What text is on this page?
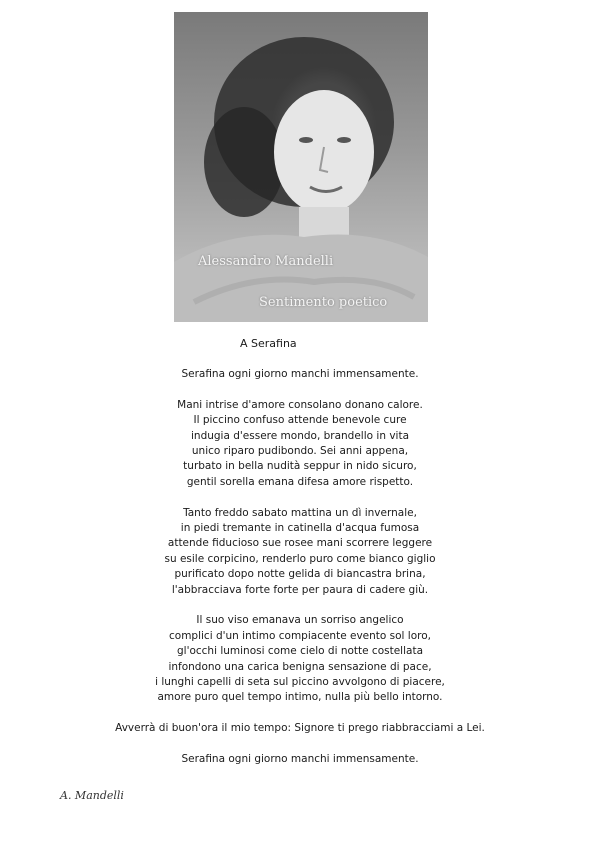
Alessandro Mandelli
Sentimento poetico
A Serafina
Serafina ogni giorno manchi immensamente.
Mani intrise d'amore consolano donano calore.
Il piccino confuso attende benevole cure
indugia d'essere mondo, brandello in vita
unico riparo pudibondo. Sei anni appena,
turbato in bella nudità seppur in nido sicuro,
gentil sorella emana difesa amore rispetto.
Tanto freddo sabato mattina un dì invernale,
in piedi tremante in catinella d'acqua fumosa
attende fiducioso sue rosee mani scorrere leggere
su esile corpicino, renderlo puro come bianco giglio
purificato dopo notte gelida di biancastra brina,
l'abbracciava forte forte per paura di cadere giù.
Il suo viso emanava un sorriso angelico
complici d'un intimo compiacente evento sol loro,
gl'occhi luminosi come cielo di notte costellata
infondono una carica benigna sensazione di pace,
i lunghi capelli di seta sul piccino avvolgono di piacere,
amore puro quel tempo intimo, nulla più bello intorno.
Avverrà di buon'ora il mio tempo: Signore ti prego riabbracciami a Lei.
Serafina ogni giorno manchi immensamente.
A. Mandelli
